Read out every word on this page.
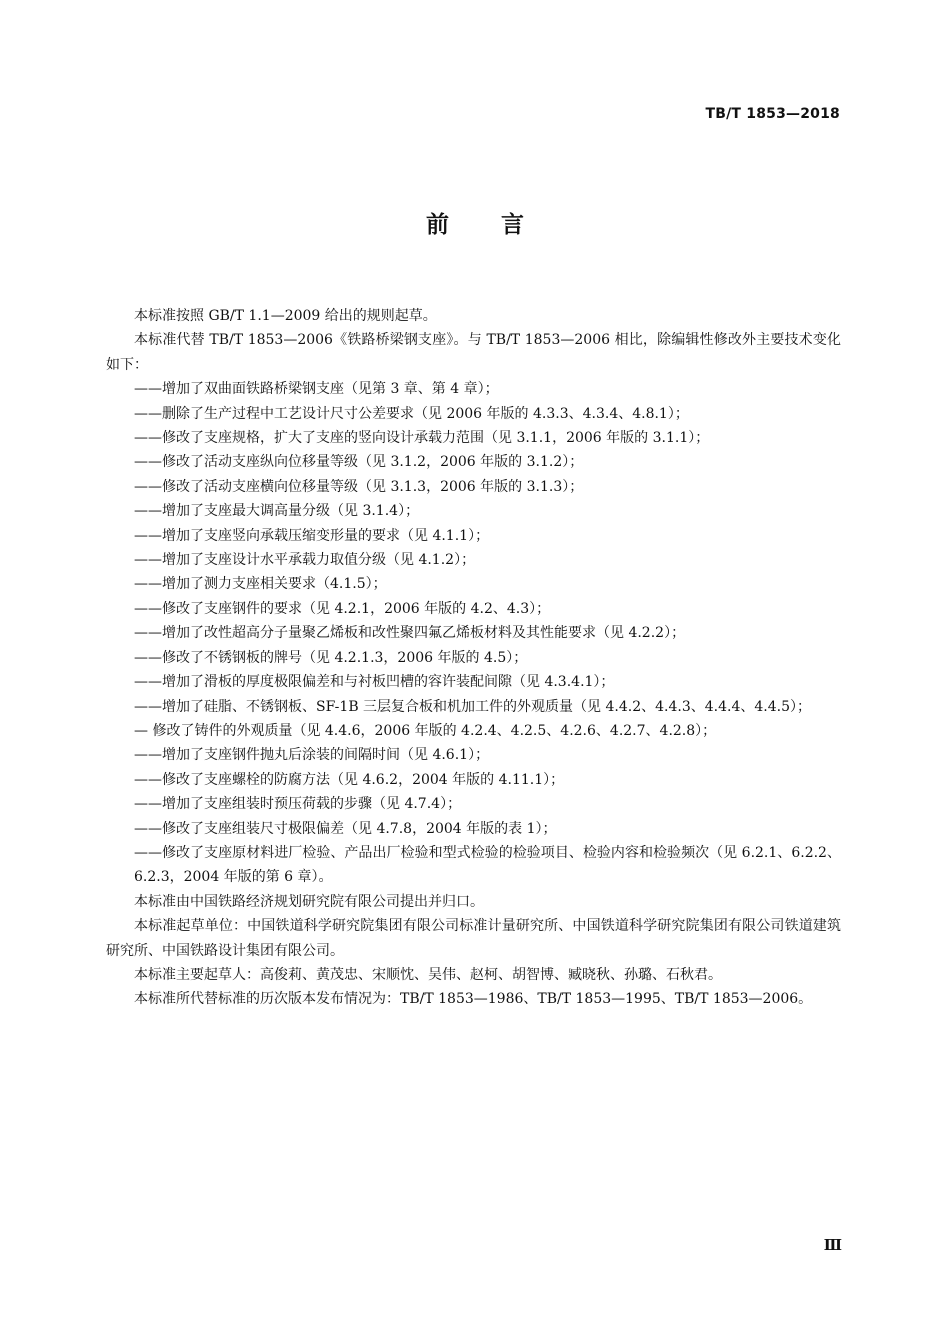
TB/T 1853—2018
前言

本标准按照 GB/T 1.1—2009 给出的规则起草。

本标准代替 TB/T 1853—2006《铁路桥梁钢支座》。与 TB/T 1853—2006 相比，除编辑性修改外主要技术变化如下：

——增加了双曲面铁路桥梁钢支座（见第 3 章、第 4 章）；

——删除了生产过程中工艺设计尺寸公差要求（见 2006 年版的 4.3.3、4.3.4、4.8.1）；

——修改了支座规格，扩大了支座的竖向设计承载力范围（见 3.1.1，2006 年版的 3.1.1）；

——修改了活动支座纵向位移量等级（见 3.1.2，2006 年版的 3.1.2）；

——修改了活动支座横向位移量等级（见 3.1.3，2006 年版的 3.1.3）；

——增加了支座最大调高量分级（见 3.1.4）；

——增加了支座竖向承载压缩变形量的要求（见 4.1.1）；

——增加了支座设计水平承载力取值分级（见 4.1.2）；

——增加了测力支座相关要求（4.1.5）；

——修改了支座钢件的要求（见 4.2.1，2006 年版的 4.2、4.3）；

——增加了改性超高分子量聚乙烯板和改性聚四氟乙烯板材料及其性能要求（见 4.2.2）；

——修改了不锈钢板的牌号（见 4.2.1.3，2006 年版的 4.5）；

——增加了滑板的厚度极限偏差和与衬板凹槽的容许装配间隙（见 4.3.4.1）；

——增加了硅脂、不锈钢板、SF-1B 三层复合板和机加工件的外观质量（见 4.4.2、4.4.3、4.4.4、4.4.5）；

— 修改了铸件的外观质量（见 4.4.6，2006 年版的 4.2.4、4.2.5、4.2.6、4.2.7、4.2.8）；

——增加了支座钢件抛丸后涂装的间隔时间（见 4.6.1）；

——修改了支座螺栓的防腐方法（见 4.6.2，2004 年版的 4.11.1）；

——增加了支座组装时预压荷载的步骤（见 4.7.4）；

——修改了支座组装尺寸极限偏差（见 4.7.8，2004 年版的表 1）；

——修改了支座原材料进厂检验、产品出厂检验和型式检验的检验项目、检验内容和检验频次（见 6.2.1、6.2.2、6.2.3，2004 年版的第 6 章）。

本标准由中国铁路经济规划研究院有限公司提出并归口。

本标准起草单位：中国铁道科学研究院集团有限公司标准计量研究所、中国铁道科学研究院集团有限公司铁道建筑研究所、中国铁路设计集团有限公司。

本标准主要起草人：高俊莉、黄茂忠、宋顺忱、吴伟、赵柯、胡智博、臧晓秋、孙璐、石秋君。

本标准所代替标准的历次版本发布情况为：TB/T 1853—1986、TB/T 1853—1995、TB/T 1853—2006。

Ⅲ
